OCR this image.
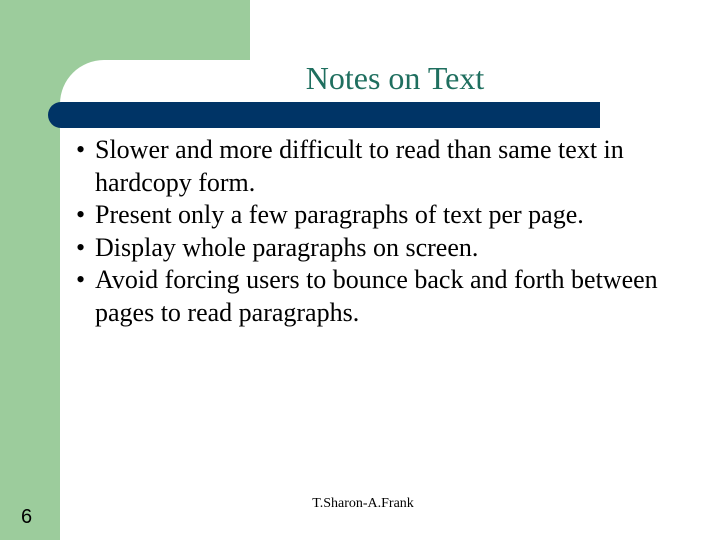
Notes on Text
• Slower and more difficult to read than same text in hardcopy form.
• Present only a few paragraphs of text per page.
• Display whole paragraphs on screen.
• Avoid forcing users to bounce back and forth between pages to read paragraphs.
T.Sharon-A.Frank
6
